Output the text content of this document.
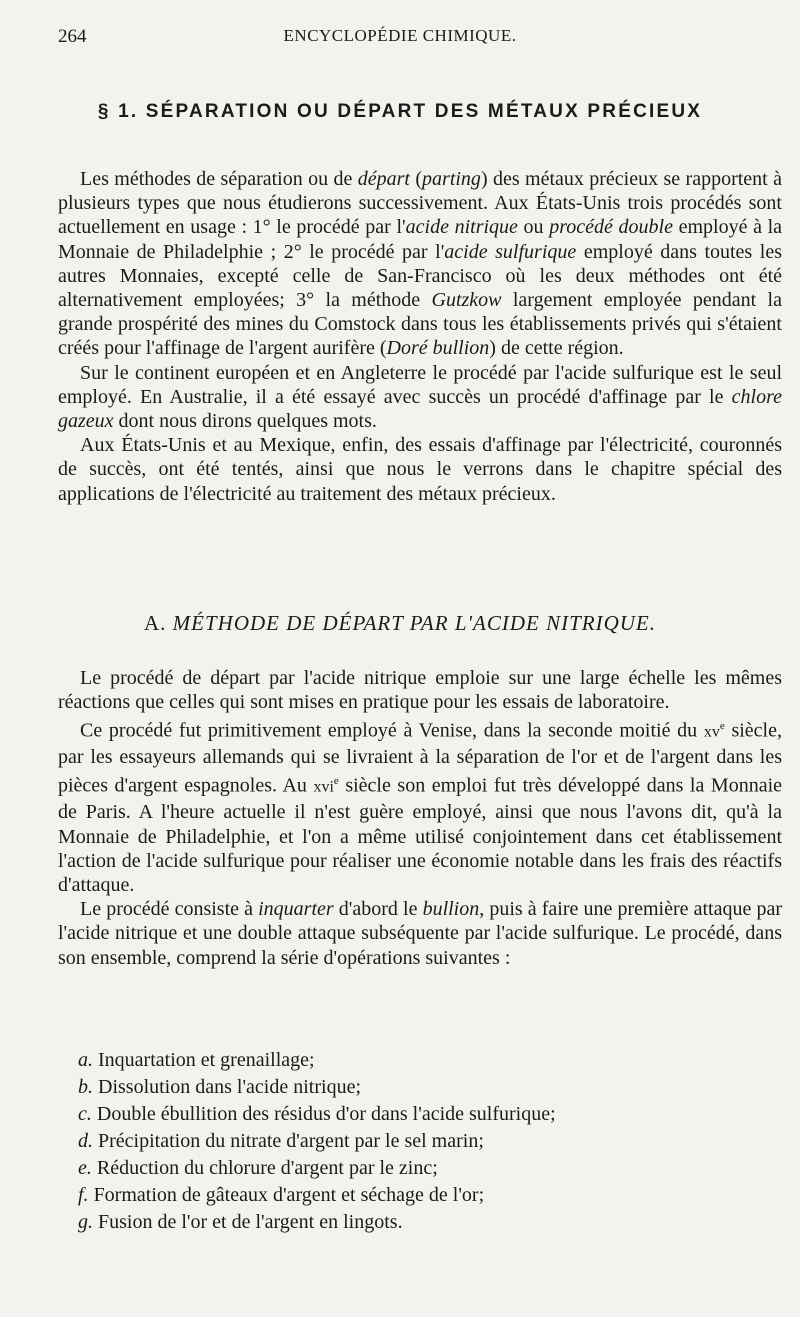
264	ENCYCLOPÉDIE CHIMIQUE.
§ 1. SÉPARATION OU DÉPART DES MÉTAUX PRÉCIEUX

Les méthodes de séparation ou de départ (parting) des métaux précieux se rapportent à plusieurs types que nous étudierons successivement. Aux États-Unis trois procédés sont actuellement en usage : 1° le procédé par l'acide nitrique ou procédé double employé à la Monnaie de Philadelphie ; 2° le procédé par l'acide sulfurique employé dans toutes les autres Monnaies, excepté celle de San-Francisco où les deux méthodes ont été alternativement employées; 3° la méthode Gutzkow largement employée pendant la grande prospérité des mines du Comstock dans tous les établissements privés qui s'étaient créés pour l'affinage de l'argent aurifère (Doré bullion) de cette région.

Sur le continent européen et en Angleterre le procédé par l'acide sulfurique est le seul employé. En Australie, il a été essayé avec succès un procédé d'affinage par le chlore gazeux dont nous dirons quelques mots.

Aux États-Unis et au Mexique, enfin, des essais d'affinage par l'électricité, couronnés de succès, ont été tentés, ainsi que nous le verrons dans le chapitre spécial des applications de l'électricité au traitement des métaux précieux.

A. MÉTHODE DE DÉPART PAR L'ACIDE NITRIQUE.

Le procédé de départ par l'acide nitrique emploie sur une large échelle les mêmes réactions que celles qui sont mises en pratique pour les essais de laboratoire.

Ce procédé fut primitivement employé à Venise, dans la seconde moitié du $xv^e$ siècle, par les essayeurs allemands qui se livraient à la séparation de l'or et de l'argent dans les pièces d'argent espagnoles. Au xvi$^e$ siècle son emploi fut très développé dans la Monnaie de Paris. A l'heure actuelle il n'est guère employé, ainsi que nous l'avons dit, qu'à la Monnaie de Philadelphie, et l'on a même utilisé conjointement dans cet établissement l'action de l'acide sulfurique pour réaliser une économie notable dans les frais des réactifs d'attaque.

Le procédé consiste à inquarter d'abord le bullion, puis à faire une première attaque par l'acide nitrique et une double attaque subséquente par l'acide sulfurique. Le procédé, dans son ensemble, comprend la série d'opérations suivantes :

a. Inquartation et grenaillage;
b. Dissolution dans l'acide nitrique;
c. Double ébullition des résidus d'or dans l'acide sulfurique;
d. Précipitation du nitrate d'argent par le sel marin;
e. Réduction du chlorure d'argent par le zinc;
f. Formation de gâteaux d'argent et séchage de l'or;
g. Fusion de l'or et de l'argent en lingots.
